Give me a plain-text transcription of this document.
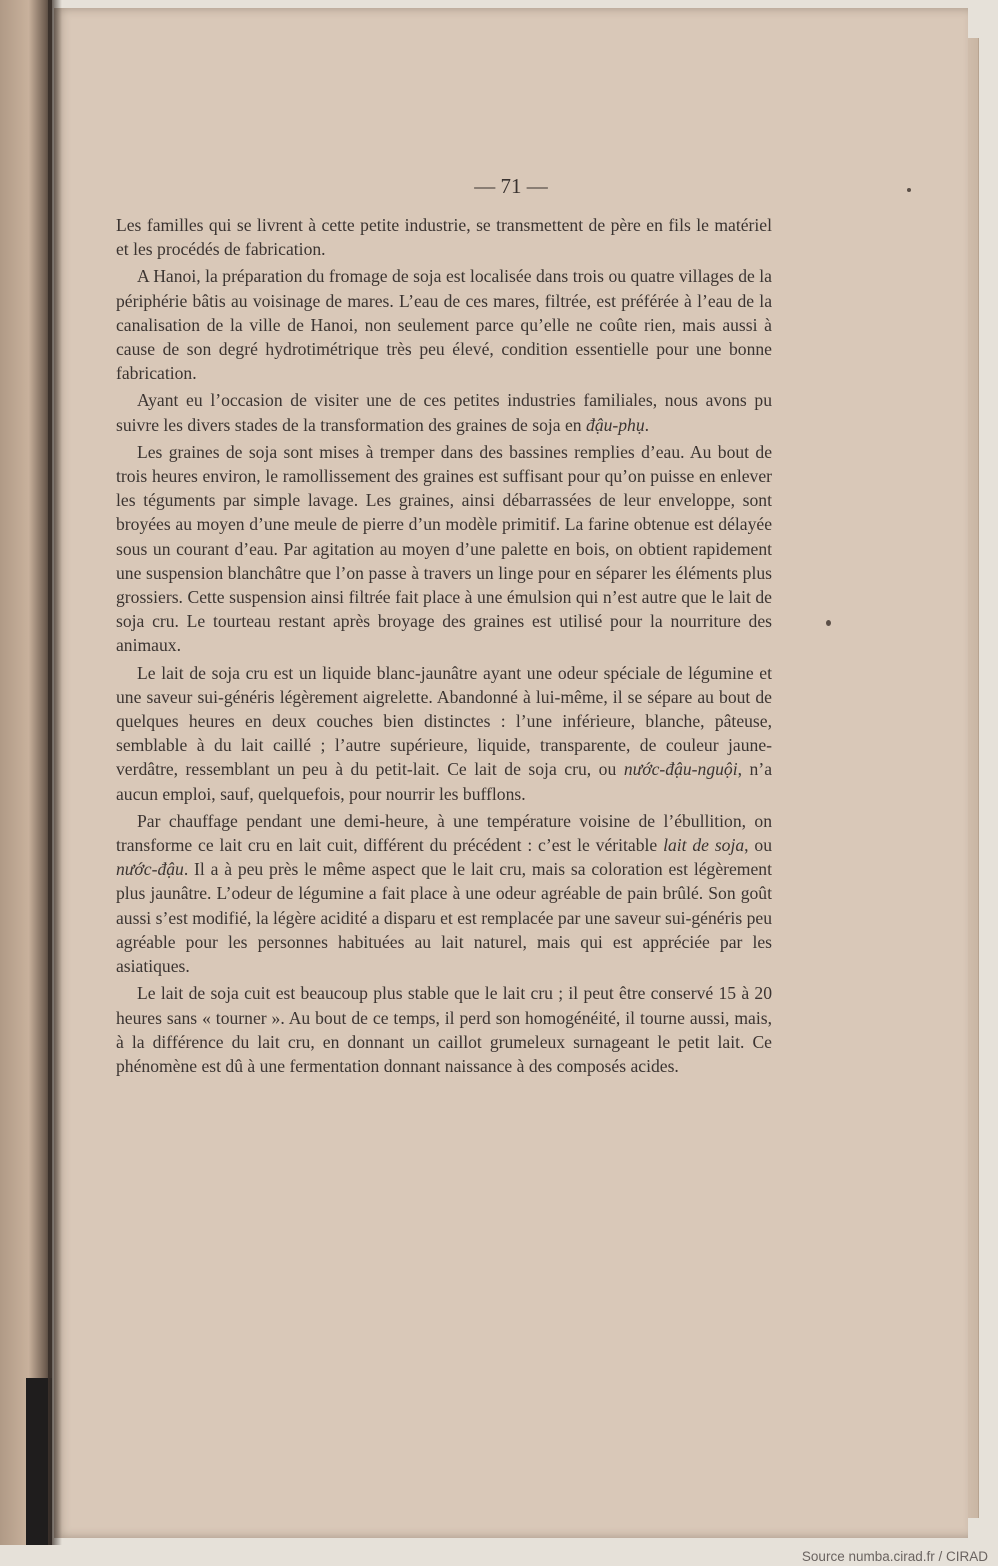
— 71 —

Les familles qui se livrent à cette petite industrie, se transmettent de père en fils le matériel et les procédés de fabrication.

A Hanoi, la préparation du fromage de soja est localisée dans trois ou quatre villages de la périphérie bâtis au voisinage de mares. L’eau de ces mares, filtrée, est préférée à l’eau de la canalisation de la ville de Hanoi, non seulement parce qu’elle ne coûte rien, mais aussi à cause de son degré hydrotimétrique très peu élevé, condition essentielle pour une bonne fabrication.

Ayant eu l’occasion de visiter une de ces petites industries familiales, nous avons pu suivre les divers stades de la transformation des graines de soja en đậu-phụ.

Les graines de soja sont mises à tremper dans des bassines remplies d’eau. Au bout de trois heures environ, le ramollissement des graines est suffisant pour qu’on puisse en enlever les téguments par simple lavage. Les graines, ainsi débarrassées de leur enveloppe, sont broyées au moyen d’une meule de pierre d’un modèle primitif. La farine obtenue est délayée sous un courant d’eau. Par agitation au moyen d’une palette en bois, on obtient rapidement une suspension blanchâtre que l’on passe à travers un linge pour en séparer les éléments plus grossiers. Cette suspension ainsi filtrée fait place à une émulsion qui n’est autre que le lait de soja cru. Le tourteau restant après broyage des graines est utilisé pour la nourriture des animaux.

Le lait de soja cru est un liquide blanc-jaunâtre ayant une odeur spéciale de légumine et une saveur sui-généris légèrement aigrelette. Abandonné à lui-même, il se sépare au bout de quelques heures en deux couches bien distinctes : l’une inférieure, blanche, pâteuse, semblable à du lait caillé ; l’autre supérieure, liquide, transparente, de couleur jaune-verdâtre, ressemblant un peu à du petit-lait. Ce lait de soja cru, ou nước-đậu-nguội, n’a aucun emploi, sauf, quelquefois, pour nourrir les bufflons.

Par chauffage pendant une demi-heure, à une température voisine de l’ébullition, on transforme ce lait cru en lait cuit, différent du précédent : c’est le véritable lait de soja, ou nước-đậu. Il a à peu près le même aspect que le lait cru, mais sa coloration est légèrement plus jaunâtre. L’odeur de légumine a fait place à une odeur agréable de pain brûlé. Son goût aussi s’est modifié, la légère acidité a disparu et est remplacée par une saveur sui-généris peu agréable pour les personnes habituées au lait naturel, mais qui est appréciée par les asiatiques.

Le lait de soja cuit est beaucoup plus stable que le lait cru ; il peut être conservé 15 à 20 heures sans « tourner ». Au bout de ce temps, il perd son homogénéité, il tourne aussi, mais, à la différence du lait cru, en donnant un caillot grumeleux surnageant le petit lait. Ce phénomène est dû à une fermentation donnant naissance à des composés acides.

Source numba.cirad.fr / CIRAD
